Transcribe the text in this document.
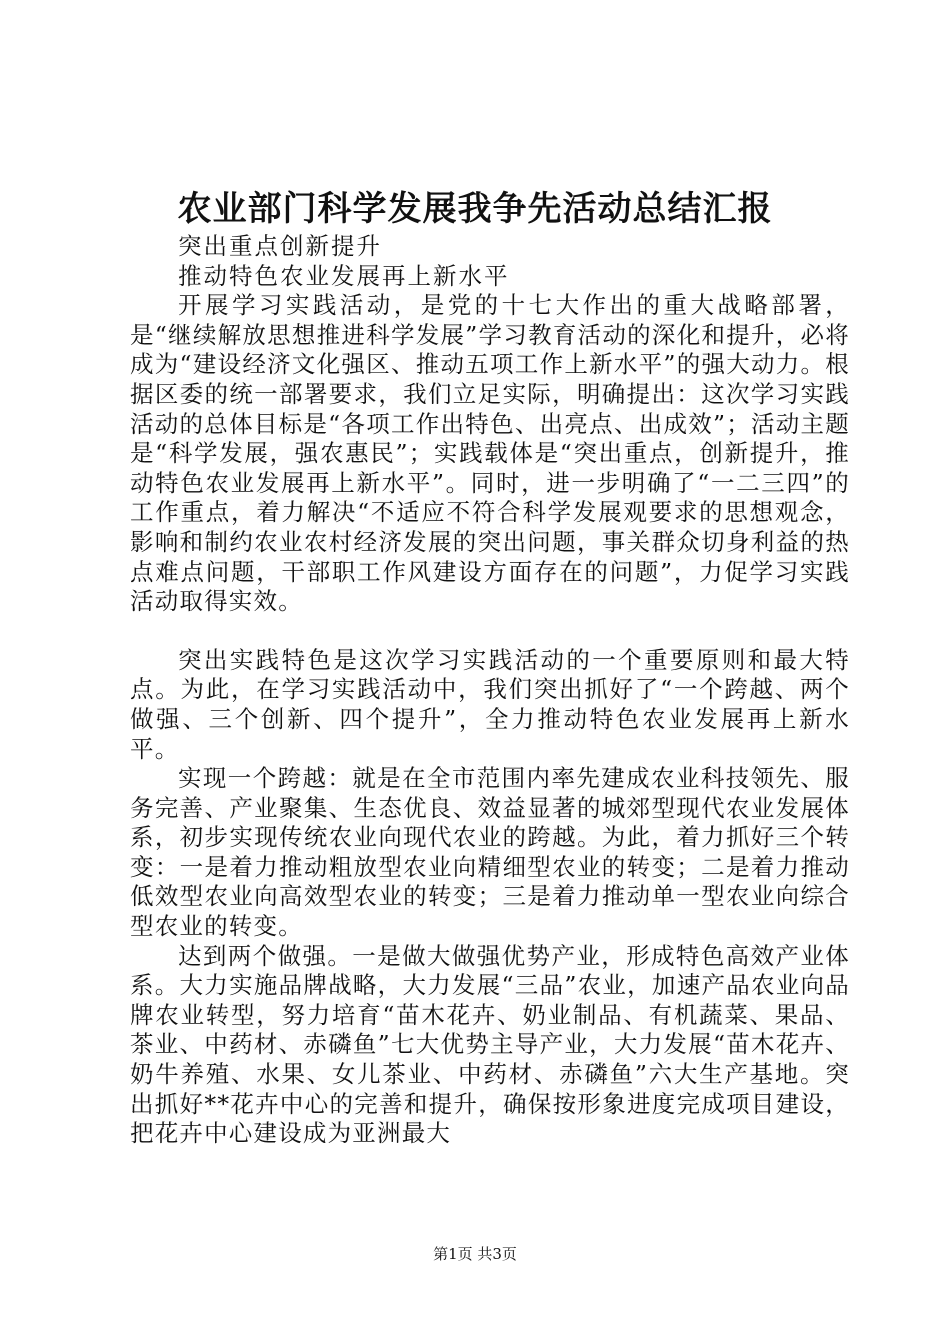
农业部门科学发展我争先活动总结汇报

突出重点创新提升

推动特色农业发展再上新水平

开展学习实践活动，是党的十七大作出的重大战略部署，是“继续解放思想推进科学发展”学习教育活动的深化和提升，必将成为“建设经济文化强区、推动五项工作上新水平”的强大动力。根据区委的统一部署要求，我们立足实际，明确提出：这次学习实践活动的总体目标是“各项工作出特色、出亮点、出成效”；活动主题是“科学发展，强农惠民”；实践载体是“突出重点，创新提升，推动特色农业发展再上新水平”。同时，进一步明确了“一二三四”的工作重点，着力解决“不适应不符合科学发展观要求的思想观念，影响和制约农业农村经济发展的突出问题，事关群众切身利益的热点难点问题，干部职工作风建设方面存在的问题”，力促学习实践活动取得实效。

突出实践特色是这次学习实践活动的一个重要原则和最大特点。为此，在学习实践活动中，我们突出抓好了“一个跨越、两个做强、三个创新、四个提升”，全力推动特色农业发展再上新水平。

实现一个跨越：就是在全市范围内率先建成农业科技领先、服务完善、产业聚集、生态优良、效益显著的城郊型现代农业发展体系，初步实现传统农业向现代农业的跨越。为此，着力抓好三个转变：一是着力推动粗放型农业向精细型农业的转变；二是着力推动低效型农业向高效型农业的转变；三是着力推动单一型农业向综合型农业的转变。

达到两个做强。一是做大做强优势产业，形成特色高效产业体系。大力实施品牌战略，大力发展“三品”农业，加速产品农业向品牌农业转型，努力培育“苗木花卉、奶业制品、有机蔬菜、果品、茶业、中药材、赤磷鱼”七大优势主导产业，大力发展“苗木花卉、奶牛养殖、水果、女儿茶业、中药材、赤磷鱼”六大生产基地。突出抓好**花卉中心的完善和提升，确保按形象进度完成项目建设，把花卉中心建设成为亚洲最大

第1页 共3页
